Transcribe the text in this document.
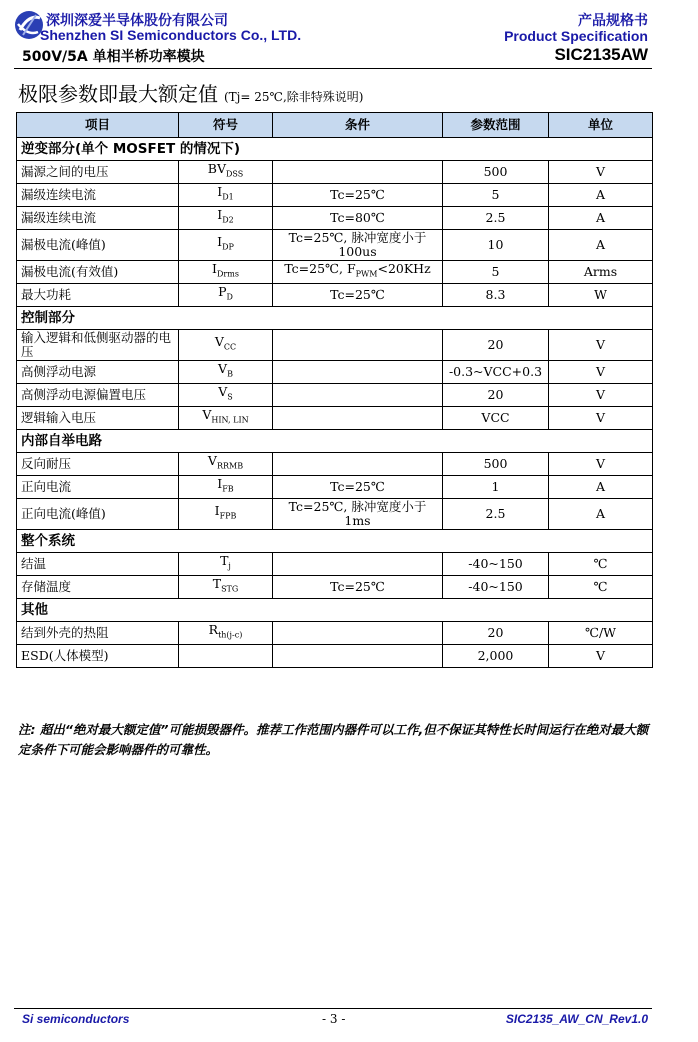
深圳深爱半导体股份有限公司
Shenzhen SI Semiconductors Co., LTD.
500V/5A 单相半桥功率模块
产品规格书
Product Specification
SIC2135AW
极限参数即最大额定值 (Tj= 25℃,除非特殊说明)
项目	符号	条件	参数范围	单位
逆变部分(单个 MOSFET 的情况下)				
漏源之间的电压	$BV_{DSS}$		500	V
漏级连续电流	$I_{D1}$	Tc=25℃	5	A
漏级连续电流	$I_{D2}$	Tc=80℃	2.5	A
漏极电流(峰值)	$I_{DP}$	Tc=25℃, 脉冲宽度小于 100us	10	A
漏极电流(有效值)	$I_{Drms}$	Tc=25℃, $F_{PWM}<20KHz$	5	Arms
最大功耗	$P_D$	Tc=25℃	8.3	W
控制部分				
输入逻辑和低侧驱动器的电压	$V_{CC}$		20	V
高侧浮动电源	$V_B$		-0.3~VCC+0.3	V
高侧浮动电源偏置电压	$V_S$		20	V
逻辑输入电压	$V_{HIN, LIN}$		VCC	V
内部自举电路				
反向耐压	$V_{RRMB}$		500	V
正向电流	$I_{FB}$	Tc=25℃	1	A
正向电流(峰值)	$I_{FPB}$	Tc=25℃, 脉冲宽度小于 1ms	2.5	A
整个系统				
结温	$T_j$		-40~150	℃
存储温度	$T_{STG}$	Tc=25℃	-40~150	℃
其他				
结到外壳的热阻	$R_{th(j-c)}$		20	℃/W
ESD(人体模型)			2,000	V
注: 超出“绝对最大额定值”可能损毁器件。推荐工作范围内器件可以工作,但不保证其特性长时间运行在绝对最大额定条件下可能会影响器件的可靠性。
Si semiconductors	- 3 -	SIC2135_AW_CN_Rev1.0
